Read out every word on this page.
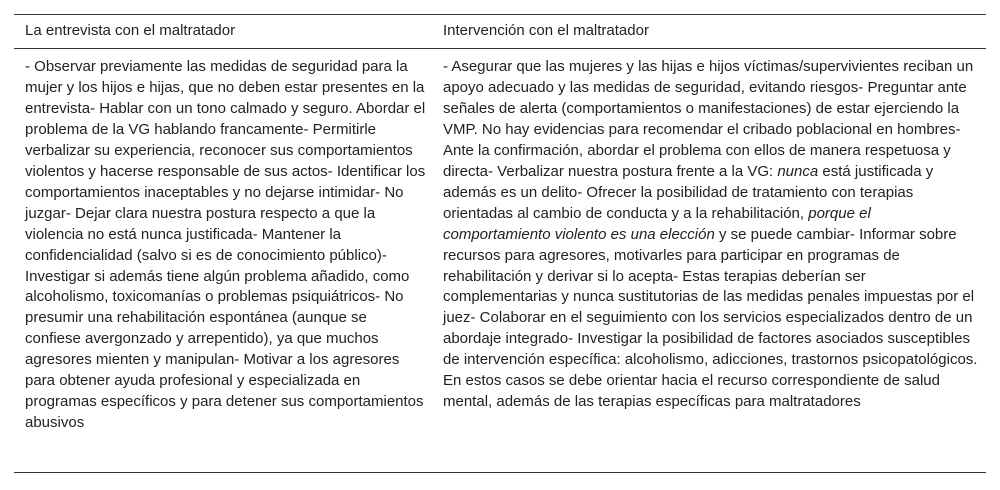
La entrevista con el maltratador	Intervención con el maltratador
- Observar previamente las medidas de seguridad para la mujer y los hijos e hijas, que no deben estar presentes en la entrevista- Hablar con un tono calmado y seguro. Abordar el problema de la VG hablando francamente- Permitirle verbalizar su experiencia, reconocer sus comportamientos violentos y hacerse responsable de sus actos- Identificar los comportamientos inaceptables y no dejarse intimidar- No juzgar- Dejar clara nuestra postura respecto a que la violencia no está nunca justificada- Mantener la confidencialidad (salvo si es de conocimiento público)- Investigar si además tiene algún problema añadido, como alcoholismo, toxicomanías o problemas psiquiátricos- No presumir una rehabilitación espontánea (aunque se confiese avergonzado y arrepentido), ya que muchos agresores mienten y manipulan- Motivar a los agresores para obtener ayuda profesional y especializada en programas específicos y para detener sus comportamientos abusivos
- Asegurar que las mujeres y las hijas e hijos víctimas/supervivientes reciban un apoyo adecuado y las medidas de seguridad, evitando riesgos- Preguntar ante señales de alerta (comportamientos o manifestaciones) de estar ejerciendo la VMP. No hay evidencias para recomendar el cribado poblacional en hombres- Ante la confirmación, abordar el problema con ellos de manera respetuosa y directa- Verbalizar nuestra postura frente a la VG: nunca está justificada y además es un delito- Ofrecer la posibilidad de tratamiento con terapias orientadas al cambio de conducta y a la rehabilitación, porque el comportamiento violento es una elección y se puede cambiar- Informar sobre recursos para agresores, motivarles para participar en programas de rehabilitación y derivar si lo acepta- Estas terapias deberían ser complementarias y nunca sustitutorias de las medidas penales impuestas por el juez- Colaborar en el seguimiento con los servicios especializados dentro de un abordaje integrado- Investigar la posibilidad de factores asociados susceptibles de intervención específica: alcoholismo, adicciones, trastornos psicopatológicos. En estos casos se debe orientar hacia el recurso correspondiente de salud mental, además de las terapias específicas para maltratadores
